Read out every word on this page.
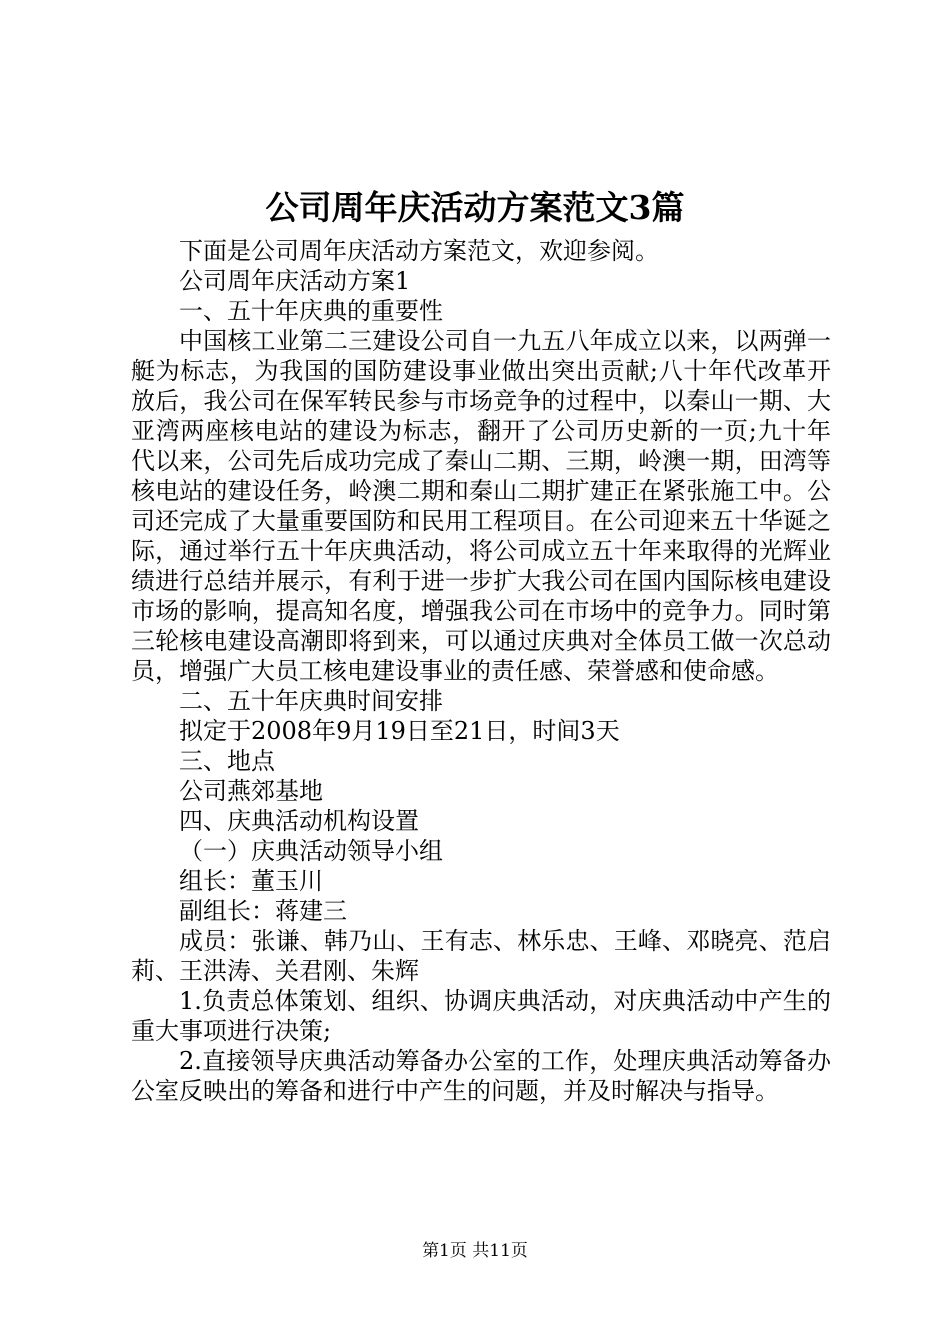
公司周年庆活动方案范文3篇

下面是公司周年庆活动方案范文，欢迎参阅。

公司周年庆活动方案1

一、五十年庆典的重要性

中国核工业第二三建设公司自一九五八年成立以来，以两弹一艇为标志，为我国的国防建设事业做出突出贡献;八十年代改革开放后，我公司在保军转民参与市场竞争的过程中，以秦山一期、大亚湾两座核电站的建设为标志，翻开了公司历史新的一页;九十年代以来，公司先后成功完成了秦山二期、三期，岭澳一期，田湾等核电站的建设任务，岭澳二期和秦山二期扩建正在紧张施工中。公司还完成了大量重要国防和民用工程项目。在公司迎来五十华诞之际，通过举行五十年庆典活动，将公司成立五十年来取得的光辉业绩进行总结并展示，有利于进一步扩大我公司在国内国际核电建设市场的影响，提高知名度，增强我公司在市场中的竞争力。同时第三轮核电建设高潮即将到来，可以通过庆典对全体员工做一次总动员，增强广大员工核电建设事业的责任感、荣誉感和使命感。

二、五十年庆典时间安排

拟定于2008年9月19日至21日，时间3天

三、地点

公司燕郊基地

四、庆典活动机构设置

（一）庆典活动领导小组

组长：董玉川

副组长：蒋建三

成员：张谦、韩乃山、王有志、林乐忠、王峰、邓晓亮、范启莉、王洪涛、关君刚、朱辉

1.负责总体策划、组织、协调庆典活动，对庆典活动中产生的重大事项进行决策;

2.直接领导庆典活动筹备办公室的工作，处理庆典活动筹备办公室反映出的筹备和进行中产生的问题，并及时解决与指导。

第1页 共11页
